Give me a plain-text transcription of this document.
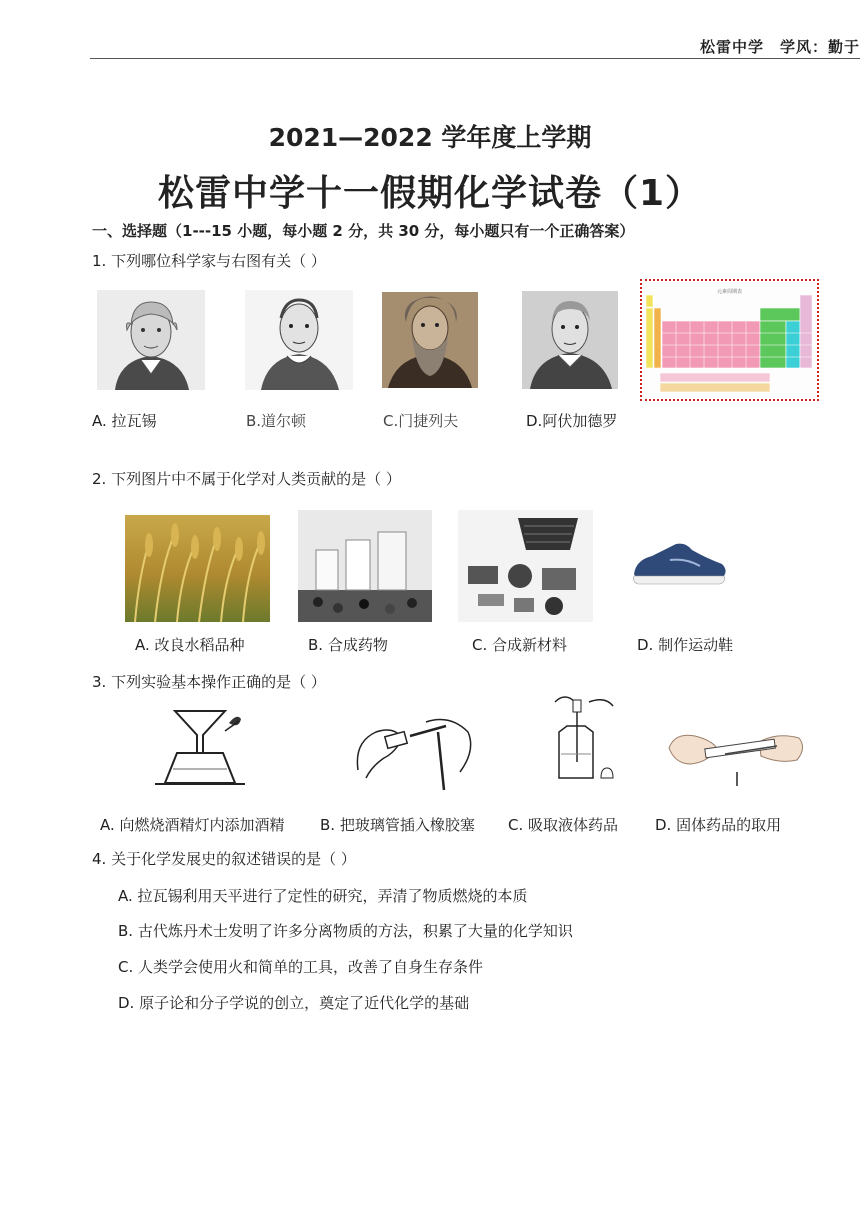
松雷中学　学风：勤于
2021—2022 学年度上学期
松雷中学十一假期化学试卷（1）
一、选择题（1---15 小题，每小题 2 分，共 30 分，每小题只有一个正确答案）
1. 下列哪位科学家与右图有关（ ）
元素周期表
A. 拉瓦锡	B.道尔顿	C.门捷列夫	D.阿伏加德罗
2. 下列图片中不属于化学对人类贡献的是（ ）
A. 改良水稻品种	B. 合成药物	C. 合成新材料	D. 制作运动鞋
3. 下列实验基本操作正确的是（ ）
A. 向燃烧酒精灯内添加酒精 B. 把玻璃管插入橡胶塞 C. 吸取液体药品 D. 固体药品的取用
4. 关于化学发展史的叙述错误的是（ ）
A. 拉瓦锡利用天平进行了定性的研究，弄清了物质燃烧的本质
B. 古代炼丹术士发明了许多分离物质的方法，积累了大量的化学知识
C. 人类学会使用火和简单的工具，改善了自身生存条件
D. 原子论和分子学说的创立，奠定了近代化学的基础
